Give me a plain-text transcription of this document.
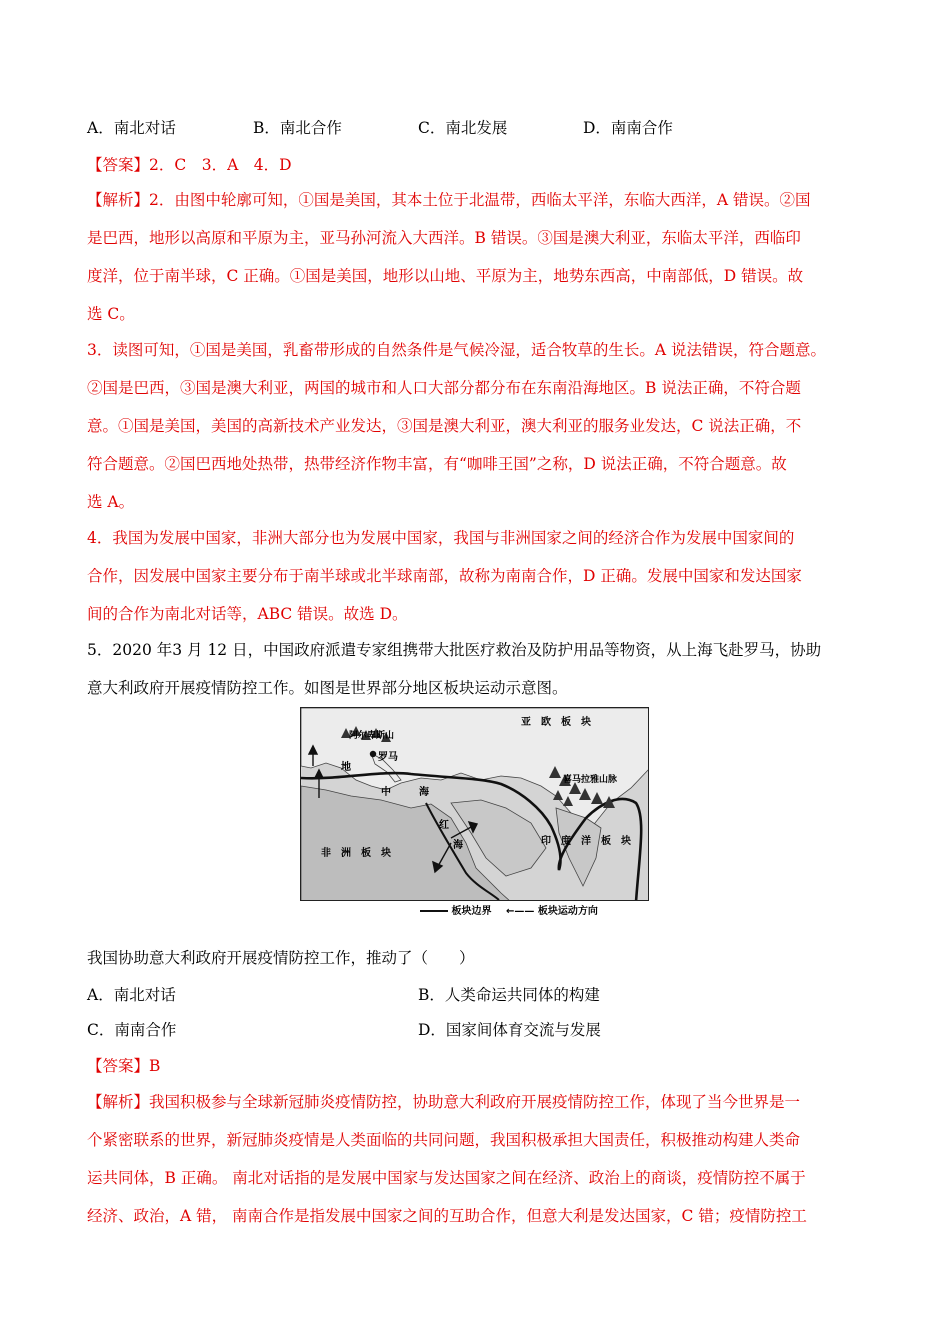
A．南北对话	B．南北合作	C．南北发展	D．南南合作
【答案】2．C　3．A　4．D
【解析】2．由图中轮廓可知，①国是美国，其本土位于北温带，西临太平洋，东临大西洋，A 错误。②国
是巴西，地形以高原和平原为主，亚马孙河流入大西洋。B 错误。③国是澳大利亚，东临太平洋，西临印
度洋，位于南半球，C 正确。①国是美国，地形以山地、平原为主，地势东西高，中南部低，D 错误。故
选 C。
3．读图可知，①国是美国，乳畜带形成的自然条件是气候冷湿，适合牧草的生长。A 说法错误，符合题意。
②国是巴西，③国是澳大利亚，两国的城市和人口大部分都分布在东南沿海地区。B 说法正确，不符合题
意。①国是美国，美国的高新技术产业发达，③国是澳大利亚，澳大利亚的服务业发达，C 说法正确，不
符合题意。②国巴西地处热带，热带经济作物丰富，有“咖啡王国”之称，D 说法正确，不符合题意。故
选 A。
4．我国为发展中国家，非洲大部分也为发展中国家，我国与非洲国家之间的经济合作为发展中国家间的
合作，因发展中国家主要分布于南半球或北半球南部，故称为南南合作，D 正确。发展中国家和发达国家
间的合作为南北对话等，ABC 错误。故选 D。
5．2020 年3 月 12 日，中国政府派遣专家组携带大批医疗救治及防护用品等物资，从上海飞赴罗马，协助
意大利政府开展疫情防控工作。如图是世界部分地区板块运动示意图。
亚　欧　板　块
阿尔卑斯山
罗马
地
中	海
喜马拉雅山脉
非　洲　板　块
红
海	印　度　洋　板　块
板块边界 ←—— 板块运动方向
我国协助意大利政府开展疫情防控工作，推动了（　　）
A．南北对话	B．人类命运共同体的构建
C．南南合作	D．国家间体育交流与发展
【答案】B
【解析】我国积极参与全球新冠肺炎疫情防控，协助意大利政府开展疫情防控工作，体现了当今世界是一
个紧密联系的世界，新冠肺炎疫情是人类面临的共同问题，我国积极承担大国责任，积极推动构建人类命
运共同体，B 正确。 南北对话指的是发展中国家与发达国家之间在经济、政治上的商谈，疫情防控不属于
经济、政治，A 错， 南南合作是指发展中国家之间的互助合作，但意大利是发达国家，C 错；疫情防控工
